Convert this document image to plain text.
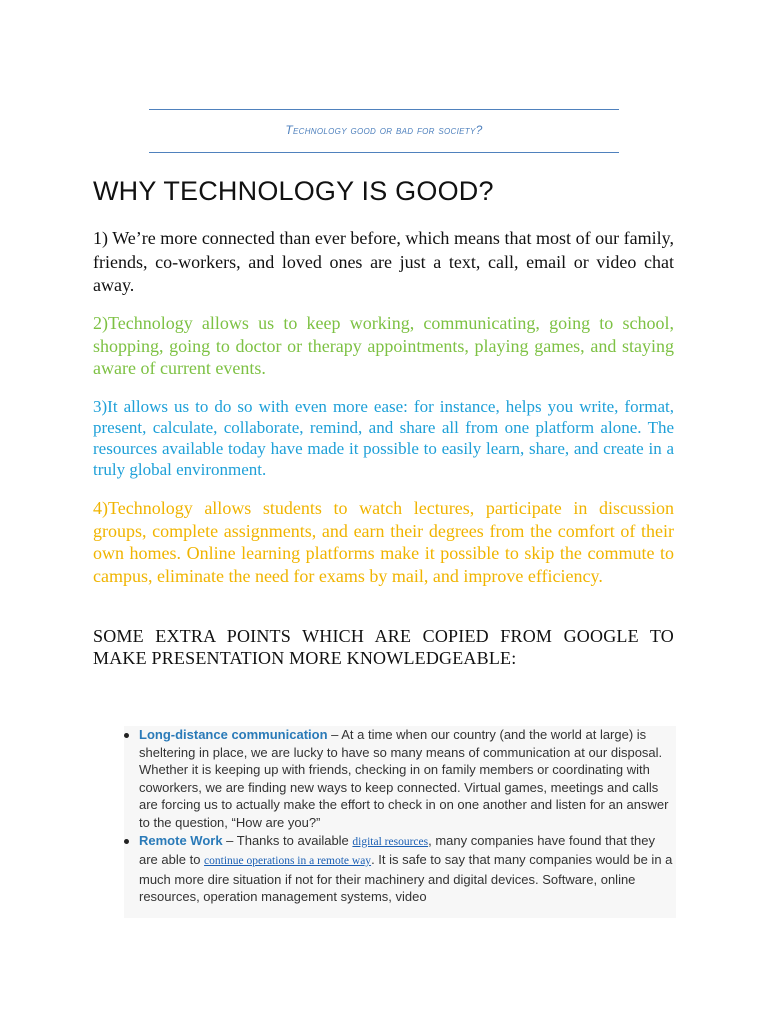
Technology good or bad for society?
WHY TECHNOLOGY IS GOOD?

1) We’re more connected than ever before, which means that most of our family, friends, co-workers, and loved ones are just a text, call, email or video chat away.

2)Technology allows us to keep working, communicating, going to school, shopping, going to doctor or therapy appointments, playing games, and staying aware of current events.

3)It allows us to do so with even more ease: for instance, helps you write, format, present, calculate, collaborate, remind, and share all from one platform alone. The resources available today have made it possible to easily learn, share, and create in a truly global environment.

4)Technology allows students to watch lectures, participate in discussion groups, complete assignments, and earn their degrees from the comfort of their own homes. Online learning platforms make it possible to skip the commute to campus, eliminate the need for exams by mail, and improve efficiency.

SOME EXTRA POINTS WHICH ARE COPIED FROM GOOGLE TO MAKE PRESENTATION MORE KNOWLEDGEABLE:

Long-distance communication – At a time when our country (and the world at large) is sheltering in place, we are lucky to have so many means of communication at our disposal. Whether it is keeping up with friends, checking in on family members or coordinating with coworkers, we are finding new ways to keep connected. Virtual games, meetings and calls are forcing us to actually make the effort to check in on one another and listen for an answer to the question, “How are you?”
Remote Work – Thanks to available digital resources, many companies have found that they are able to continue operations in a remote way. It is safe to say that many companies would be in a much more dire situation if not for their machinery and digital devices. Software, online resources, operation management systems, video
